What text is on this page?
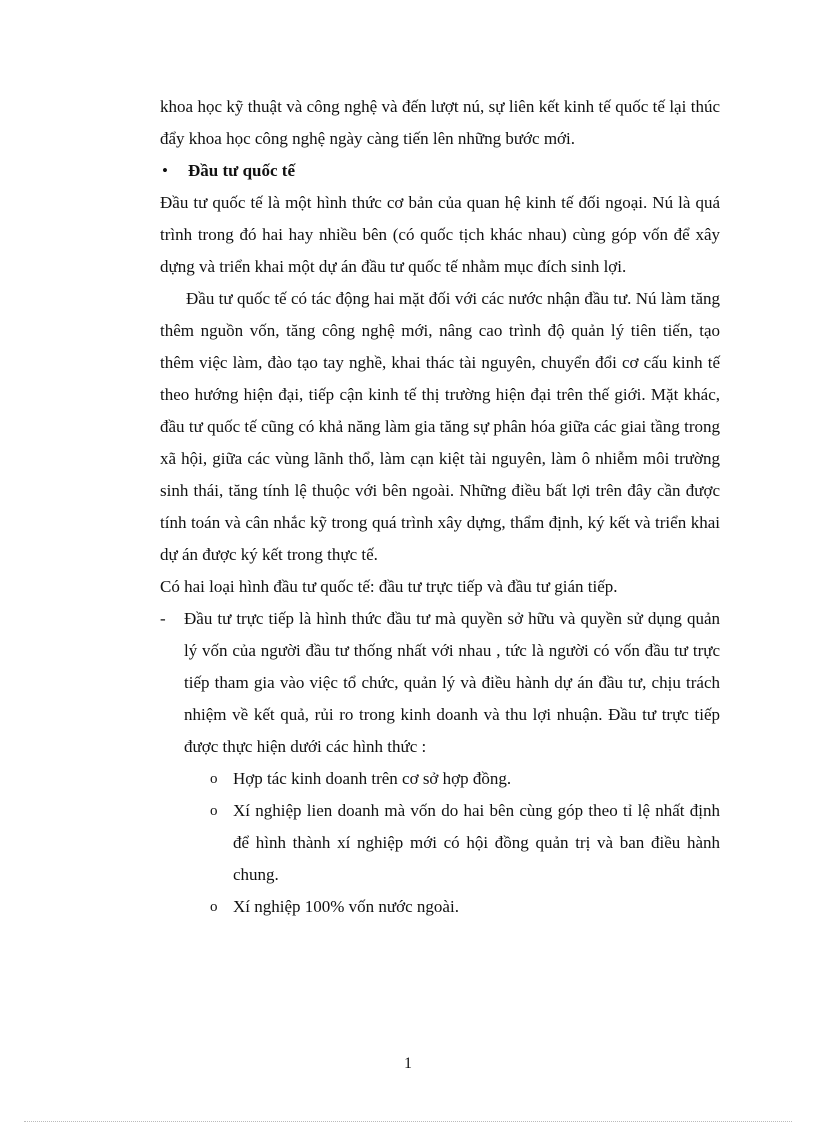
khoa học kỹ thuật và công nghệ và đến lượt nú, sự liên kết kinh tế quốc tế lại thúc đẩy khoa học công nghệ ngày càng tiến lên những bước mới.

• Đầu tư quốc tế

Đầu tư quốc tế là một hình thức cơ bản của quan hệ kinh tế đối ngoại. Nú là quá trình trong đó hai hay nhiều bên (có quốc tịch khác nhau) cùng góp vốn để xây dựng và triển khai một dự án đầu tư quốc tế nhằm mục đích sinh lợi.

Đầu tư quốc tế có tác động hai mặt đối với các nước nhận đầu tư. Nú làm tăng thêm nguồn vốn, tăng công nghệ mới, nâng cao trình độ quản lý tiên tiến, tạo thêm việc làm, đào tạo tay nghề, khai thác tài nguyên, chuyển đổi cơ cấu kinh tế theo hướng hiện đại, tiếp cận kinh tế thị trường hiện đại trên thế giới. Mặt khác, đầu tư quốc tế cũng có khả năng làm gia tăng sự phân hóa giữa các giai tầng trong xã hội, giữa các vùng lãnh thổ, làm cạn kiệt tài nguyên, làm ô nhiễm môi trường sinh thái, tăng tính lệ thuộc với bên ngoài. Những điều bất lợi trên đây cần được tính toán và cân nhắc kỹ trong quá trình xây dựng, thẩm định, ký kết và triển khai dự án được ký kết trong thực tế.

Có hai loại hình đầu tư quốc tế: đầu tư trực tiếp và đầu tư gián tiếp.

- Đầu tư trực tiếp là hình thức đầu tư mà quyền sở hữu và quyền sử dụng quản lý vốn của người đầu tư thống nhất với nhau , tức là người có vốn đầu tư trực tiếp tham gia vào việc tổ chức, quản lý và điều hành dự án đầu tư, chịu trách nhiệm về kết quả, rủi ro trong kinh doanh và thu lợi nhuận. Đầu tư trực tiếp được thực hiện dưới các hình thức :
o Hợp tác kinh doanh trên cơ sở hợp đồng.
o Xí nghiệp lien doanh mà vốn do hai bên cùng góp theo tỉ lệ nhất định để hình thành xí nghiệp mới có hội đồng quản trị và ban điều hành chung.
o Xí nghiệp 100% vốn nước ngoài.
1
